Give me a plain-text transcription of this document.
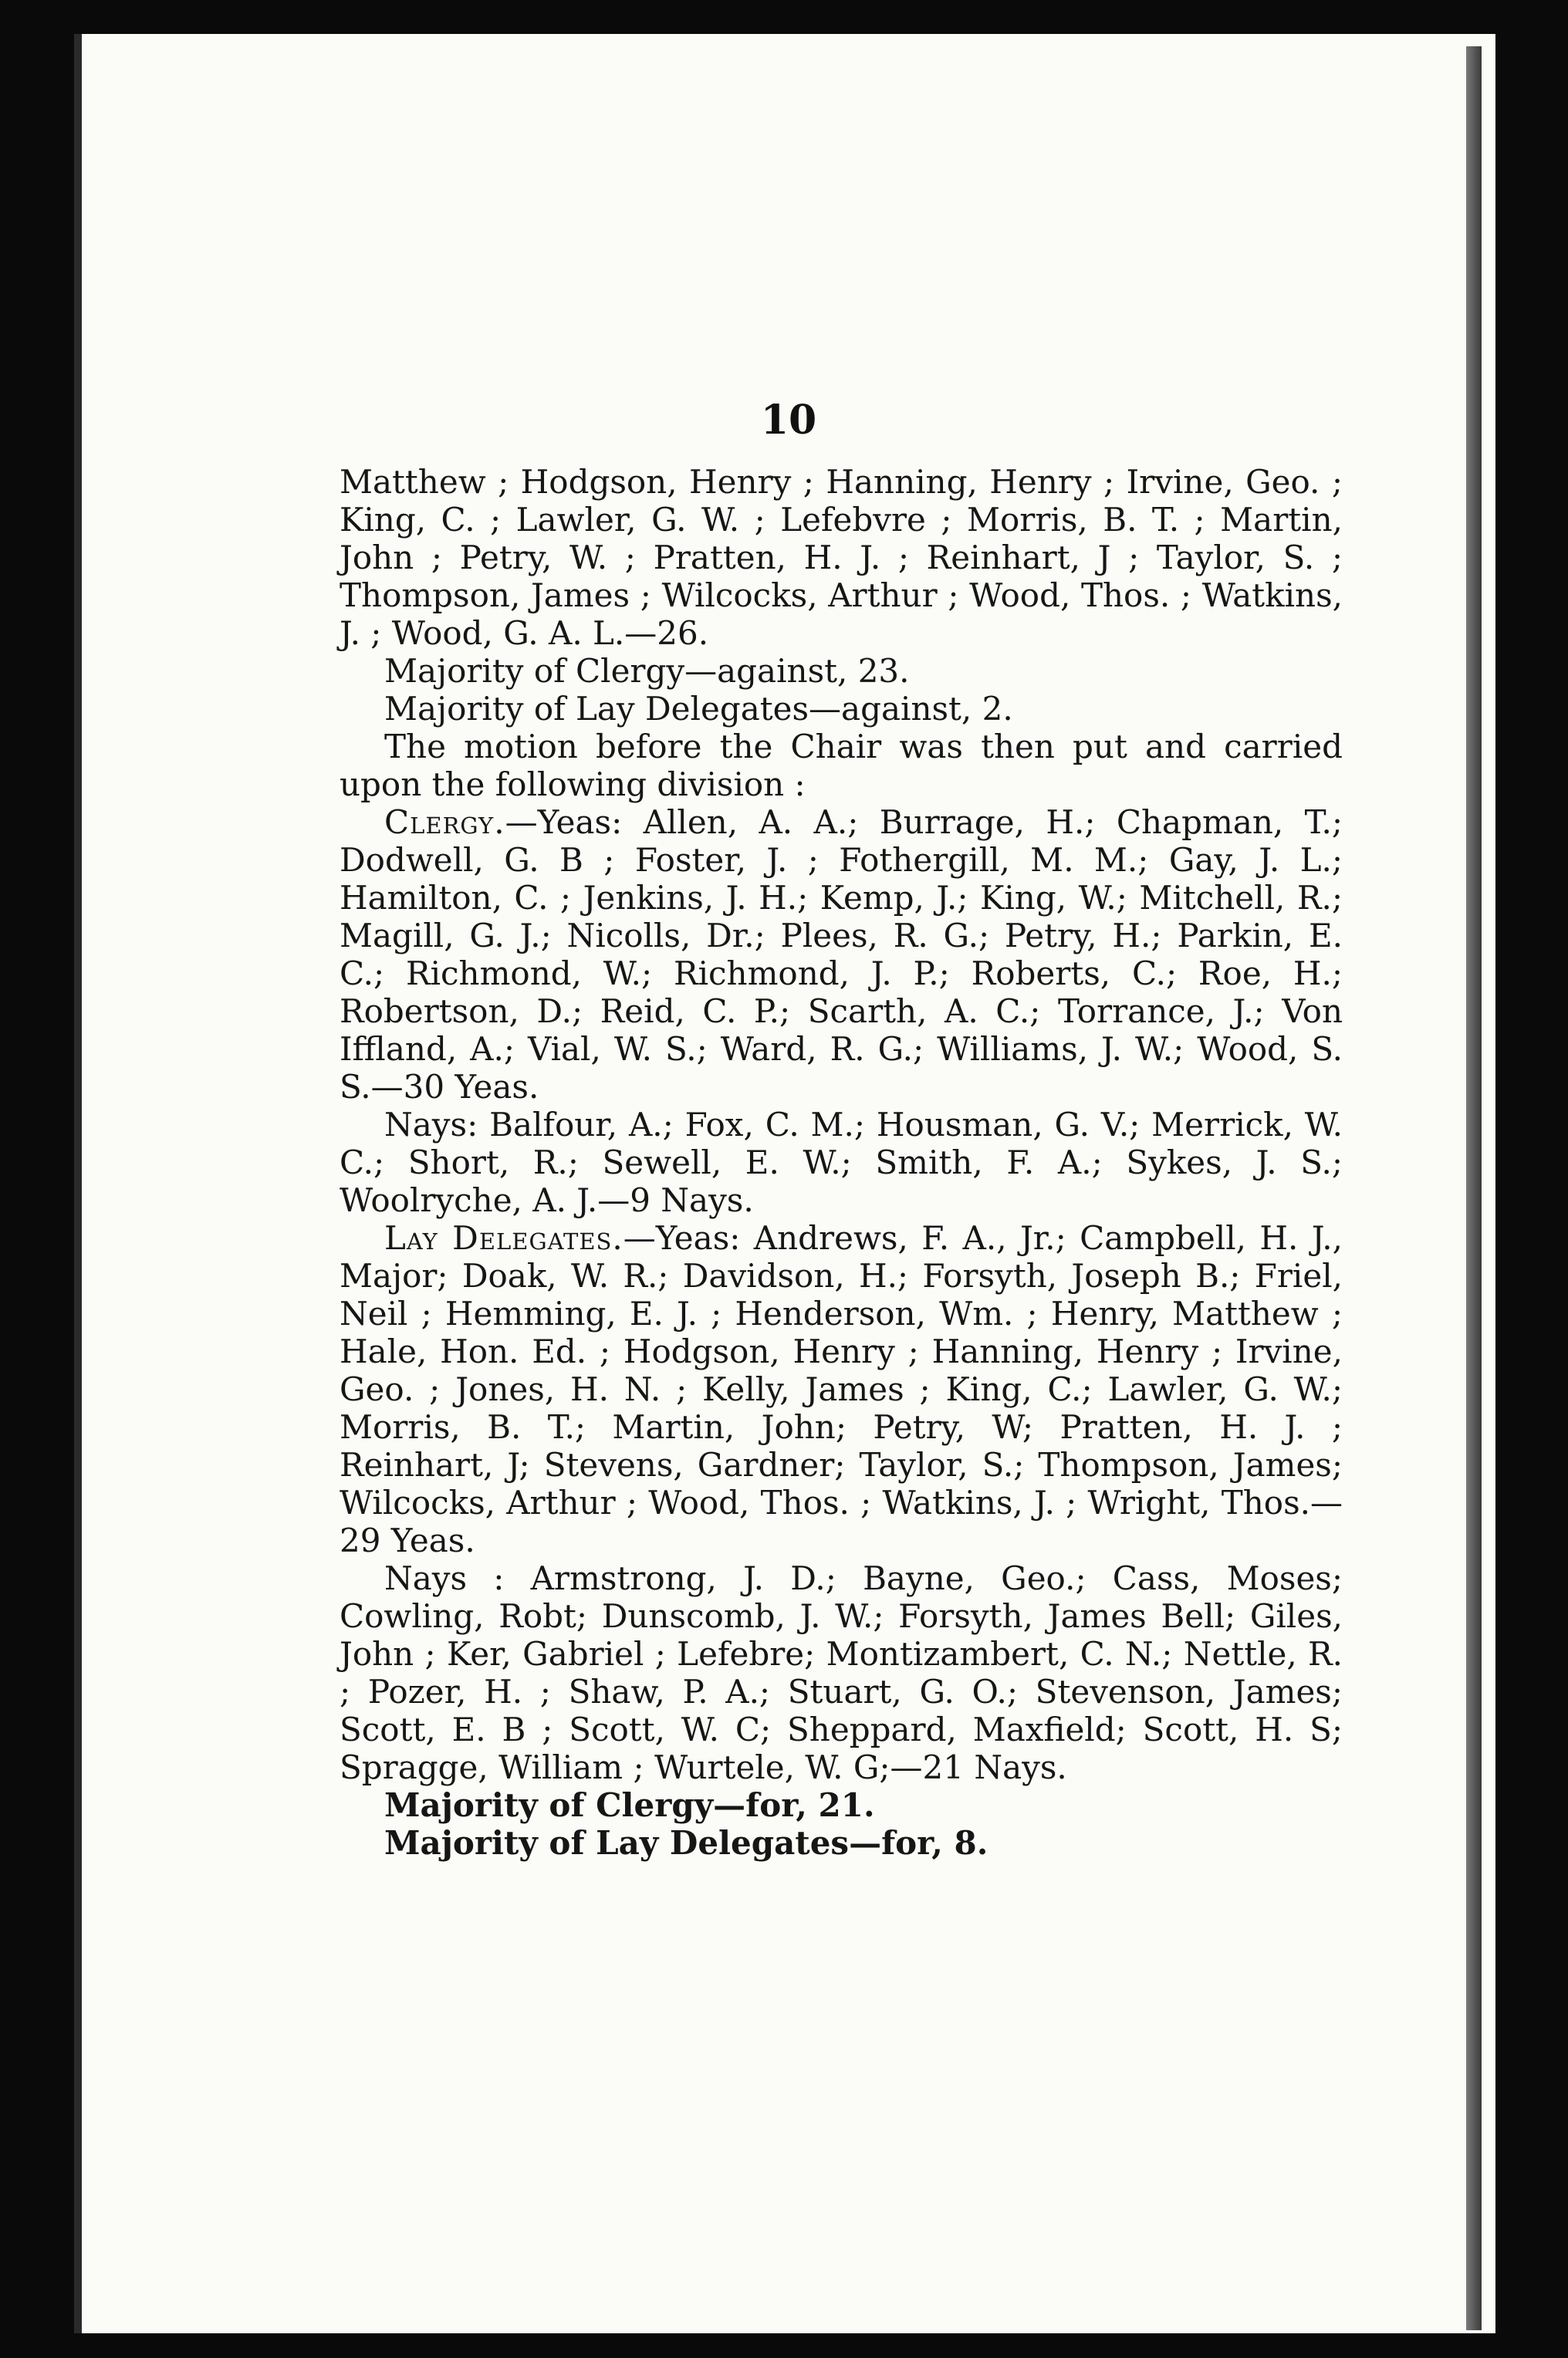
10

Matthew ; Hodgson, Henry ; Hanning, Henry ; Irvine, Geo. ; King, C. ; Lawler, G. W. ; Lefebvre ; Morris, B. T. ; Martin, John ; Petry, W. ; Pratten, H. J. ; Reinhart, J ; Taylor, S. ; Thompson, James ; Wilcocks, Arthur ; Wood, Thos. ; Watkins, J. ; Wood, G. A. L.—26.

Majority of Clergy—against, 23.

Majority of Lay Delegates—against, 2.

The motion before the Chair was then put and carried upon the following division :

Clergy.—Yeas: Allen, A. A.; Burrage, H.; Chapman, T.; Dodwell, G. B ; Foster, J. ; Fothergill, M. M.; Gay, J. L.; Hamilton, C. ; Jenkins, J. H.; Kemp, J.; King, W.; Mitchell, R.; Magill, G. J.; Nicolls, Dr.; Plees, R. G.; Petry, H.; Parkin, E. C.; Richmond, W.; Richmond, J. P.; Roberts, C.; Roe, H.; Robertson, D.; Reid, C. P.; Scarth, A. C.; Torrance, J.; Von Iffland, A.; Vial, W. S.; Ward, R. G.; Williams, J. W.; Wood, S. S.—30 Yeas.

Nays: Balfour, A.; Fox, C. M.; Housman, G. V.; Merrick, W. C.; Short, R.; Sewell, E. W.; Smith, F. A.; Sykes, J. S.; Woolryche, A. J.—9 Nays.

Lay Delegates.—Yeas: Andrews, F. A., Jr.; Campbell, H. J., Major; Doak, W. R.; Davidson, H.; Forsyth, Joseph B.; Friel, Neil ; Hemming, E. J. ; Henderson, Wm. ; Henry, Matthew ; Hale, Hon. Ed. ; Hodgson, Henry ; Hanning, Henry ; Irvine, Geo. ; Jones, H. N. ; Kelly, James ; King, C.; Lawler, G. W.; Morris, B. T.; Martin, John; Petry, W; Pratten, H. J. ; Reinhart, J; Stevens, Gardner; Taylor, S.; Thompson, James; Wilcocks, Arthur ; Wood, Thos. ; Watkins, J. ; Wright, Thos.—29 Yeas.

Nays : Armstrong, J. D.; Bayne, Geo.; Cass, Moses; Cowling, Robt; Dunscomb, J. W.; Forsyth, James Bell; Giles, John ; Ker, Gabriel ; Lefebre; Montizambert, C. N.; Nettle, R. ; Pozer, H. ; Shaw, P. A.; Stuart, G. O.; Stevenson, James; Scott, E. B ; Scott, W. C; Sheppard, Maxfield; Scott, H. S; Spragge, William ; Wurtele, W. G;—21 Nays.

Majority of Clergy—for, 21.

Majority of Lay Delegates—for, 8.
